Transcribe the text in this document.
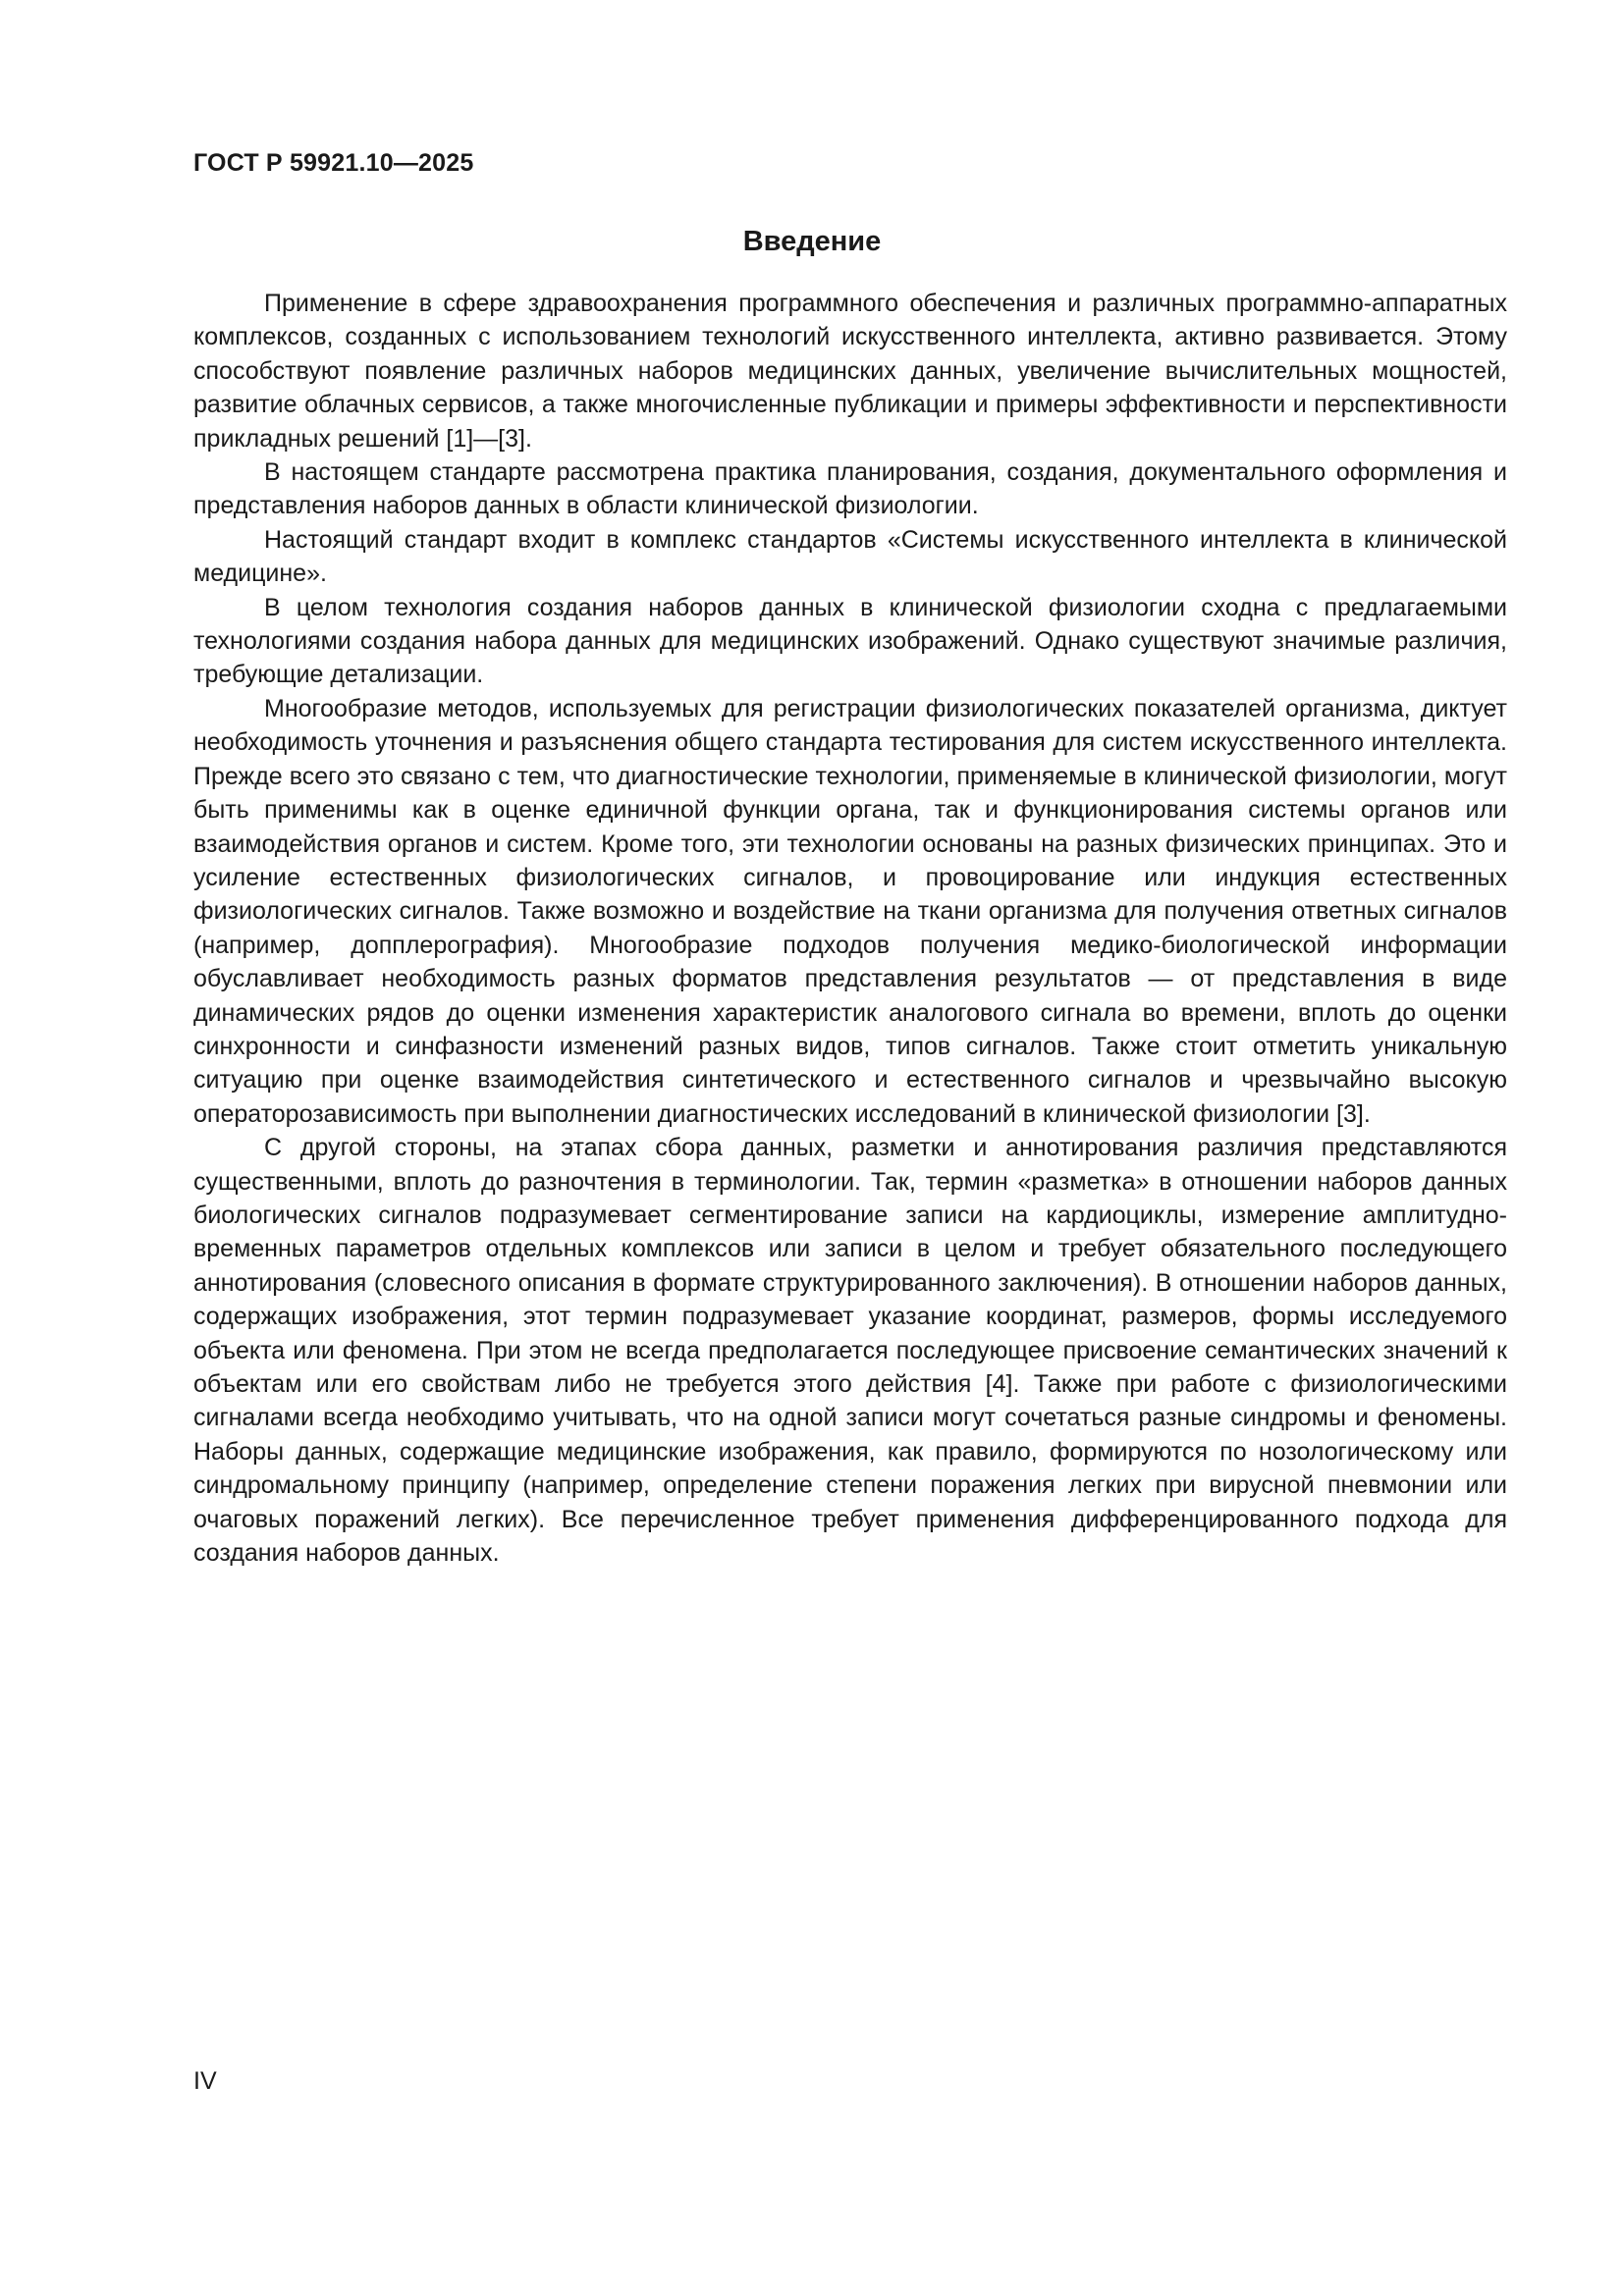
ГОСТ Р 59921.10—2025
Введение

Применение в сфере здравоохранения программного обеспечения и различных программно-аппаратных комплексов, созданных с использованием технологий искусственного интеллекта, активно развивается. Этому способствуют появление различных наборов медицинских данных, увеличение вычислительных мощностей, развитие облачных сервисов, а также многочисленные публикации и примеры эффективности и перспективности прикладных решений [1]—[3].

В настоящем стандарте рассмотрена практика планирования, создания, документального оформления и представления наборов данных в области клинической физиологии.

Настоящий стандарт входит в комплекс стандартов «Системы искусственного интеллекта в клинической медицине».

В целом технология создания наборов данных в клинической физиологии сходна с предлагаемыми технологиями создания набора данных для медицинских изображений. Однако существуют значимые различия, требующие детализации.

Многообразие методов, используемых для регистрации физиологических показателей организма, диктует необходимость уточнения и разъяснения общего стандарта тестирования для систем искусственного интеллекта. Прежде всего это связано с тем, что диагностические технологии, применяемые в клинической физиологии, могут быть применимы как в оценке единичной функции органа, так и функционирования системы органов или взаимодействия органов и систем. Кроме того, эти технологии основаны на разных физических принципах. Это и усиление естественных физиологических сигналов, и провоцирование или индукция естественных физиологических сигналов. Также возможно и воздействие на ткани организма для получения ответных сигналов (например, допплерография). Многообразие подходов получения медико-биологической информации обуславливает необходимость разных форматов представления результатов — от представления в виде динамических рядов до оценки изменения характеристик аналогового сигнала во времени, вплоть до оценки синхронности и синфазности изменений разных видов, типов сигналов. Также стоит отметить уникальную ситуацию при оценке взаимодействия синтетического и естественного сигналов и чрезвычайно высокую операторозависимость при выполнении диагностических исследований в клинической физиологии [3].

С другой стороны, на этапах сбора данных, разметки и аннотирования различия представляются существенными, вплоть до разночтения в терминологии. Так, термин «разметка» в отношении наборов данных биологических сигналов подразумевает сегментирование записи на кардиоциклы, измерение амплитудно-временных параметров отдельных комплексов или записи в целом и требует обязательного последующего аннотирования (словесного описания в формате структурированного заключения). В отношении наборов данных, содержащих изображения, этот термин подразумевает указание координат, размеров, формы исследуемого объекта или феномена. При этом не всегда предполагается последующее присвоение семантических значений к объектам или его свойствам либо не требуется этого действия [4]. Также при работе с физиологическими сигналами всегда необходимо учитывать, что на одной записи могут сочетаться разные синдромы и феномены. Наборы данных, содержащие медицинские изображения, как правило, формируются по нозологическому или синдромальному принципу (например, определение степени поражения легких при вирусной пневмонии или очаговых поражений легких). Все перечисленное требует применения дифференцированного подхода для создания наборов данных.

IV
